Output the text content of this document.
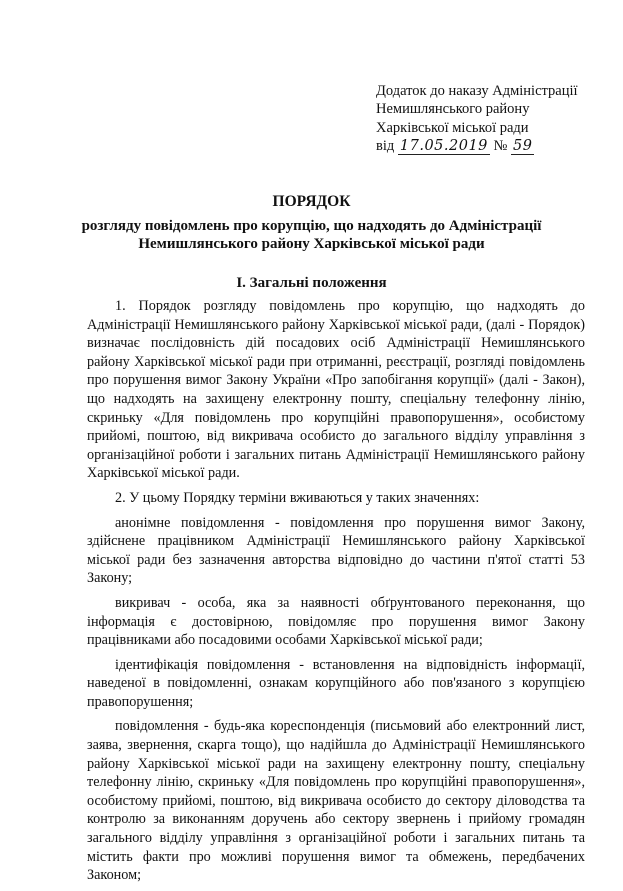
Додаток до наказу Адміністрації
Немишлянського району
Харківської міської ради
від 17.05.2019 № 59
ПОРЯДОК
розгляду повідомлень про корупцію, що надходять до Адміністрації
Немишлянського району Харківської міської ради
І. Загальні положення

1. Порядок розгляду повідомлень про корупцію, що надходять до Адміністрації Немишлянського району Харківської міської ради, (далі - Порядок) визначає послідовність дій посадових осіб Адміністрації Немишлянського району Харківської міської ради при отриманні, реєстрації, розгляді повідомлень про порушення вимог Закону України «Про запобігання корупції» (далі - Закон), що надходять на захищену електронну пошту, спеціальну телефонну лінію, скриньку «Для повідомлень про корупційні правопорушення», особистому прийомі, поштою, від викривача особисто до загального відділу управління з організаційної роботи і загальних питань Адміністрації Немишлянського району Харківської міської ради.

2. У цьому Порядку терміни вживаються у таких значеннях:

анонімне повідомлення - повідомлення про порушення вимог Закону, здійснене працівником Адміністрації Немишлянського району Харківської міської ради без зазначення авторства відповідно до частини п'ятої статті 53 Закону;

викривач - особа, яка за наявності обґрунтованого переконання, що інформація є достовірною, повідомляє про порушення вимог Закону працівниками або посадовими особами Харківської міської ради;

ідентифікація повідомлення - встановлення на відповідність інформації, наведеної в повідомленні, ознакам корупційного або пов'язаного з корупцією правопорушення;

повідомлення - будь-яка кореспонденція (письмовий або електронний лист, заява, звернення, скарга тощо), що надійшла до Адміністрації Немишлянського району Харківської міської ради на захищену електронну пошту, спеціальну телефонну лінію, скриньку «Для повідомлень про корупційні правопорушення», особистому прийомі, поштою, від викривача особисто до сектору діловодства та контролю за виконанням доручень або сектору звернень і прийому громадян загального відділу управління з організаційної роботи і загальних питань та містить факти про можливі порушення вимог та обмежень, передбачених Законом;
